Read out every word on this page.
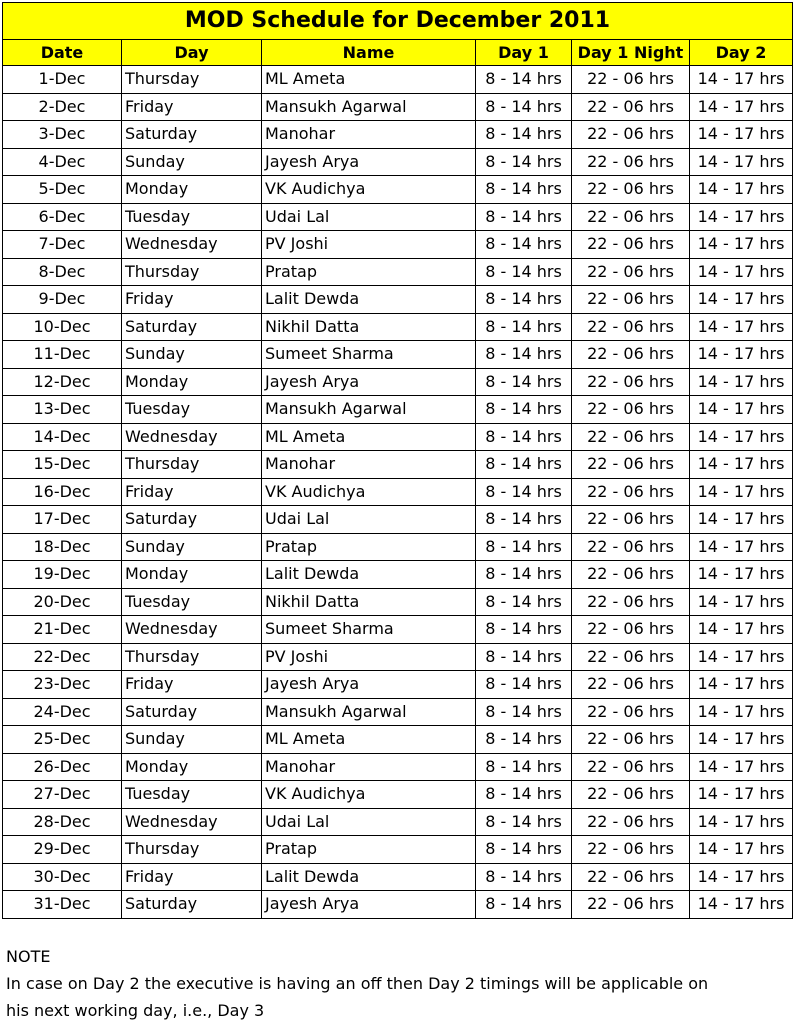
MOD Schedule for December 2011					
Date	Day	Name	Day 1	Day 1 Night	Day 2
1-Dec	Thursday	ML Ameta	8 - 14 hrs	22 - 06 hrs	14 - 17 hrs
2-Dec	Friday	Mansukh Agarwal	8 - 14 hrs	22 - 06 hrs	14 - 17 hrs
3-Dec	Saturday	Manohar	8 - 14 hrs	22 - 06 hrs	14 - 17 hrs
4-Dec	Sunday	Jayesh Arya	8 - 14 hrs	22 - 06 hrs	14 - 17 hrs
5-Dec	Monday	VK Audichya	8 - 14 hrs	22 - 06 hrs	14 - 17 hrs
6-Dec	Tuesday	Udai Lal	8 - 14 hrs	22 - 06 hrs	14 - 17 hrs
7-Dec	Wednesday	PV Joshi	8 - 14 hrs	22 - 06 hrs	14 - 17 hrs
8-Dec	Thursday	Pratap	8 - 14 hrs	22 - 06 hrs	14 - 17 hrs
9-Dec	Friday	Lalit Dewda	8 - 14 hrs	22 - 06 hrs	14 - 17 hrs
10-Dec	Saturday	Nikhil Datta	8 - 14 hrs	22 - 06 hrs	14 - 17 hrs
11-Dec	Sunday	Sumeet Sharma	8 - 14 hrs	22 - 06 hrs	14 - 17 hrs
12-Dec	Monday	Jayesh Arya	8 - 14 hrs	22 - 06 hrs	14 - 17 hrs
13-Dec	Tuesday	Mansukh Agarwal	8 - 14 hrs	22 - 06 hrs	14 - 17 hrs
14-Dec	Wednesday	ML Ameta	8 - 14 hrs	22 - 06 hrs	14 - 17 hrs
15-Dec	Thursday	Manohar	8 - 14 hrs	22 - 06 hrs	14 - 17 hrs
16-Dec	Friday	VK Audichya	8 - 14 hrs	22 - 06 hrs	14 - 17 hrs
17-Dec	Saturday	Udai Lal	8 - 14 hrs	22 - 06 hrs	14 - 17 hrs
18-Dec	Sunday	Pratap	8 - 14 hrs	22 - 06 hrs	14 - 17 hrs
19-Dec	Monday	Lalit Dewda	8 - 14 hrs	22 - 06 hrs	14 - 17 hrs
20-Dec	Tuesday	Nikhil Datta	8 - 14 hrs	22 - 06 hrs	14 - 17 hrs
21-Dec	Wednesday	Sumeet Sharma	8 - 14 hrs	22 - 06 hrs	14 - 17 hrs
22-Dec	Thursday	PV Joshi	8 - 14 hrs	22 - 06 hrs	14 - 17 hrs
23-Dec	Friday	Jayesh Arya	8 - 14 hrs	22 - 06 hrs	14 - 17 hrs
24-Dec	Saturday	Mansukh Agarwal	8 - 14 hrs	22 - 06 hrs	14 - 17 hrs
25-Dec	Sunday	ML Ameta	8 - 14 hrs	22 - 06 hrs	14 - 17 hrs
26-Dec	Monday	Manohar	8 - 14 hrs	22 - 06 hrs	14 - 17 hrs
27-Dec	Tuesday	VK Audichya	8 - 14 hrs	22 - 06 hrs	14 - 17 hrs
28-Dec	Wednesday	Udai Lal	8 - 14 hrs	22 - 06 hrs	14 - 17 hrs
29-Dec	Thursday	Pratap	8 - 14 hrs	22 - 06 hrs	14 - 17 hrs
30-Dec	Friday	Lalit Dewda	8 - 14 hrs	22 - 06 hrs	14 - 17 hrs
31-Dec	Saturday	Jayesh Arya	8 - 14 hrs	22 - 06 hrs	14 - 17 hrs
NOTE
In case on Day 2 the executive is having an off then Day 2 timings will be applicable on
his next working day, i.e., Day 3
